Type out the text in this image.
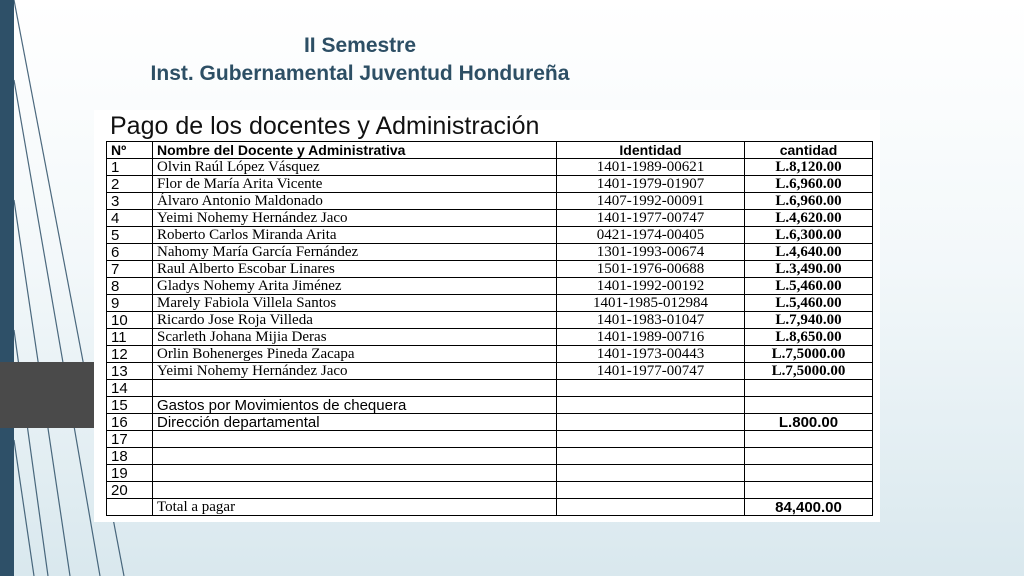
II Semestre
Inst. Gubernamental Juventud Hondureña
Pago de los docentes y Administración
Nº	Nombre del Docente y Administrativa	Identidad	cantidad
1	Olvin Raúl López Vásquez	1401-1989-00621	L.8,120.00
2	Flor de María Arita Vicente	1401-1979-01907	L.6,960.00
3	Álvaro Antonio Maldonado	1407-1992-00091	L.6,960.00
4	Yeimi Nohemy Hernández Jaco	1401-1977-00747	L.4,620.00
5	Roberto Carlos Miranda Arita	0421-1974-00405	L.6,300.00
6	Nahomy María García Fernández	1301-1993-00674	L.4,640.00
7	Raul Alberto Escobar Linares	1501-1976-00688	L.3,490.00
8	Gladys Nohemy Arita Jiménez	1401-1992-00192	L.5,460.00
9	Marely Fabiola Villela Santos	1401-1985-012984	L.5,460.00
10	Ricardo Jose Roja Villeda	1401-1983-01047	L.7,940.00
11	Scarleth Johana Mijia Deras	1401-1989-00716	L.8,650.00
12	Orlin Bohenerges Pineda Zacapa	1401-1973-00443	L.7,5000.00
13	Yeimi Nohemy Hernández Jaco	1401-1977-00747	L.7,5000.00
14			
15	Gastos por Movimientos de chequera		
16	Dirección departamental		L.800.00
17			
18			
19			
20			
	Total a pagar		84,400.00
